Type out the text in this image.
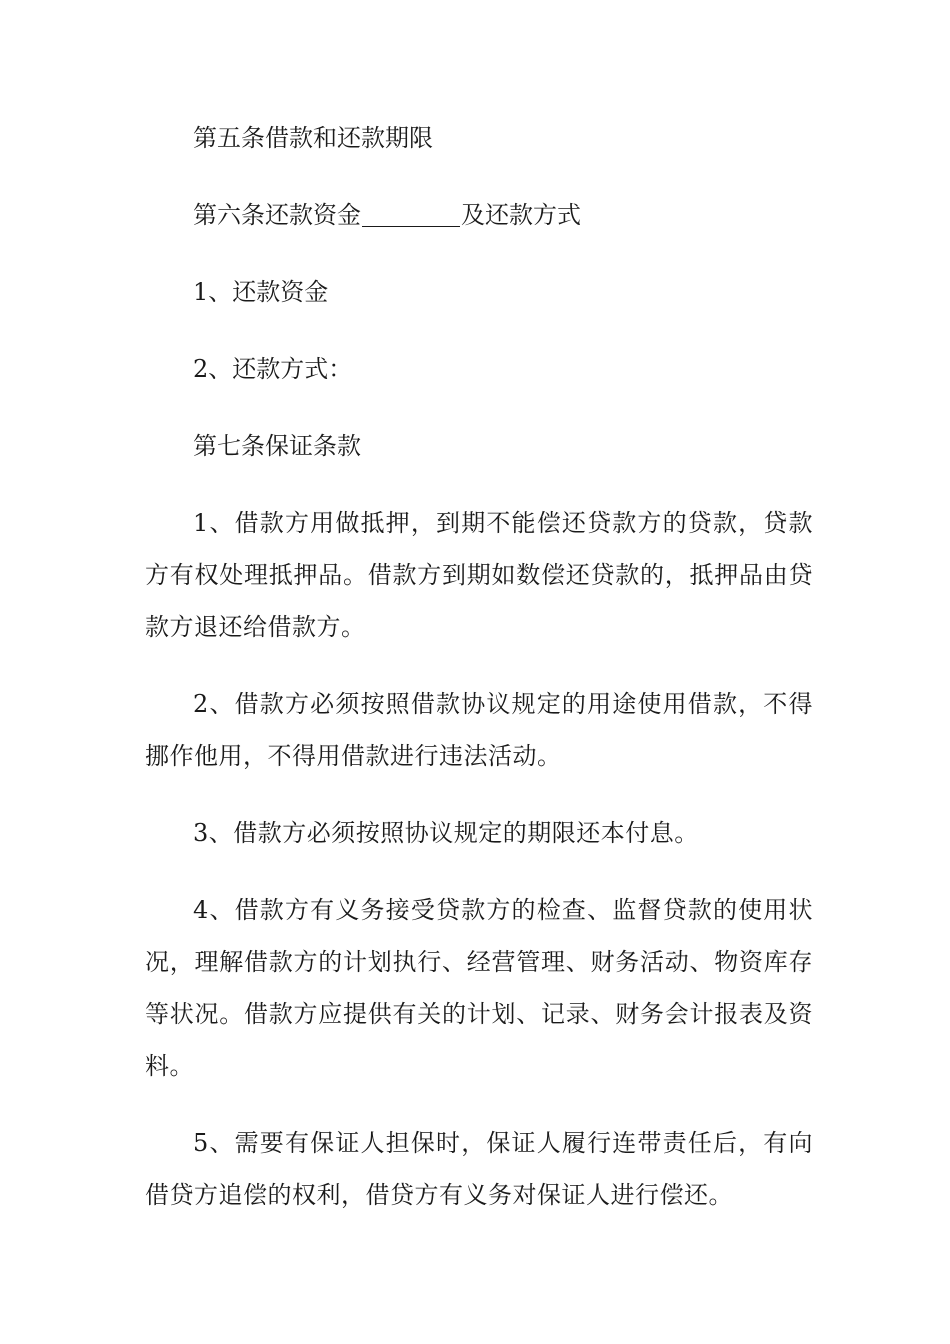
第五条借款和还款期限

第六条还款资金	及还款方式

1、还款资金

2、还款方式：

第七条保证条款

1、借款方用做抵押，到期不能偿还贷款方的贷款，贷款方有权处理抵押品。借款方到期如数偿还贷款的，抵押品由贷款方退还给借款方。

2、借款方必须按照借款协议规定的用途使用借款，不得挪作他用，不得用借款进行违法活动。

3、借款方必须按照协议规定的期限还本付息。

4、借款方有义务接受贷款方的检查、监督贷款的使用状况，理解借款方的计划执行、经营管理、财务活动、物资库存等状况。借款方应提供有关的计划、记录、财务会计报表及资料。

5、需要有保证人担保时，保证人履行连带责任后，有向借贷方追偿的权利，借贷方有义务对保证人进行偿还。
